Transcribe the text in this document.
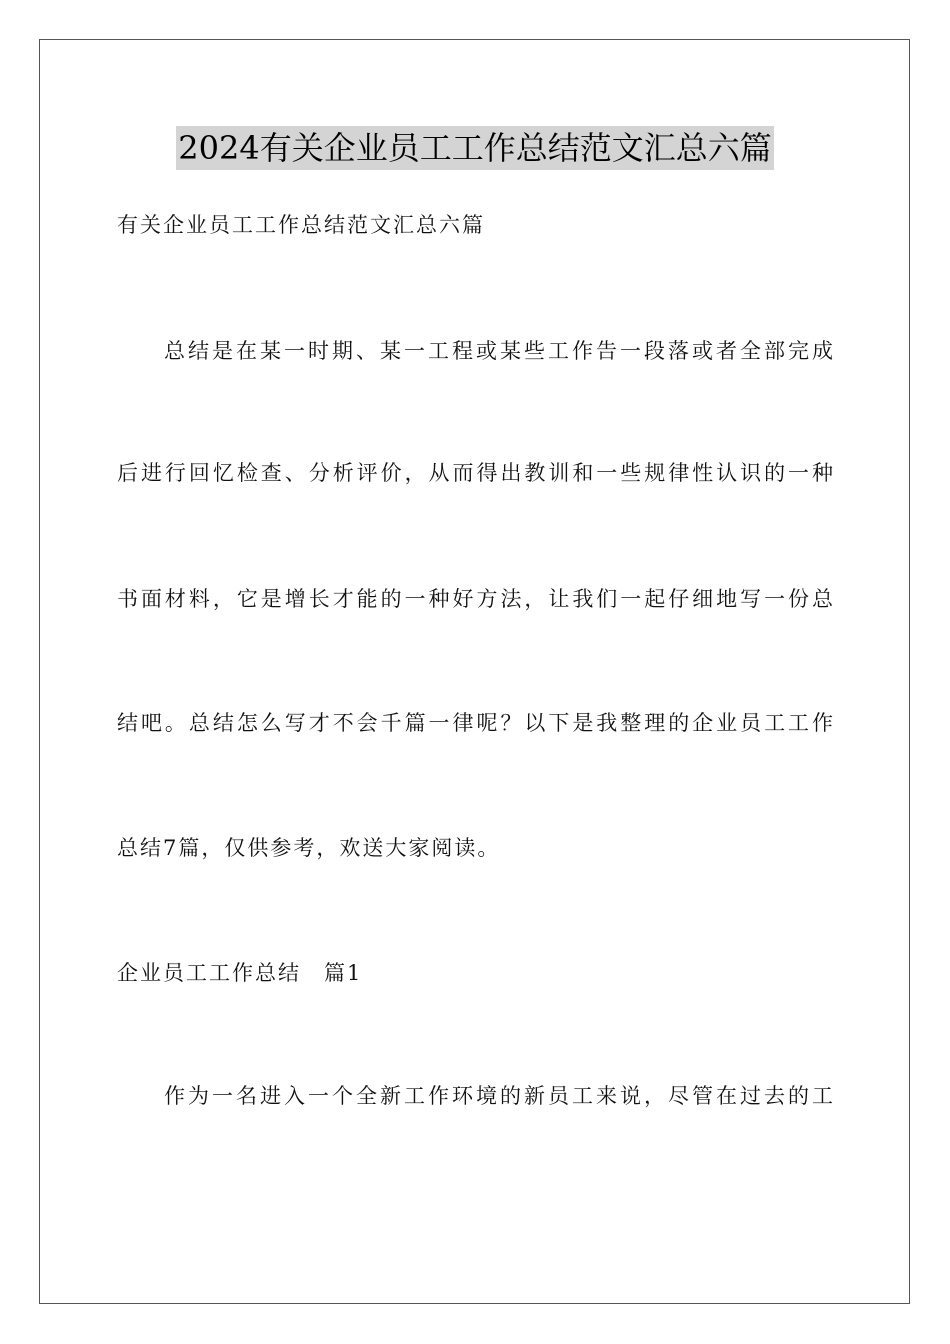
2024有关企业员工工作总结范文汇总六篇
有关企业员工工作总结范文汇总六篇
总结是在某一时期、某一工程或某些工作告一段落或者全部完成
后进行回忆检查、分析评价，从而得出教训和一些规律性认识的一种
书面材料，它是增长才能的一种好方法，让我们一起仔细地写一份总
结吧。总结怎么写才不会千篇一律呢？以下是我整理的企业员工工作
总结7篇，仅供参考，欢送大家阅读。
企业员工工作总结　篇1
作为一名进入一个全新工作环境的新员工来说，尽管在过去的工
